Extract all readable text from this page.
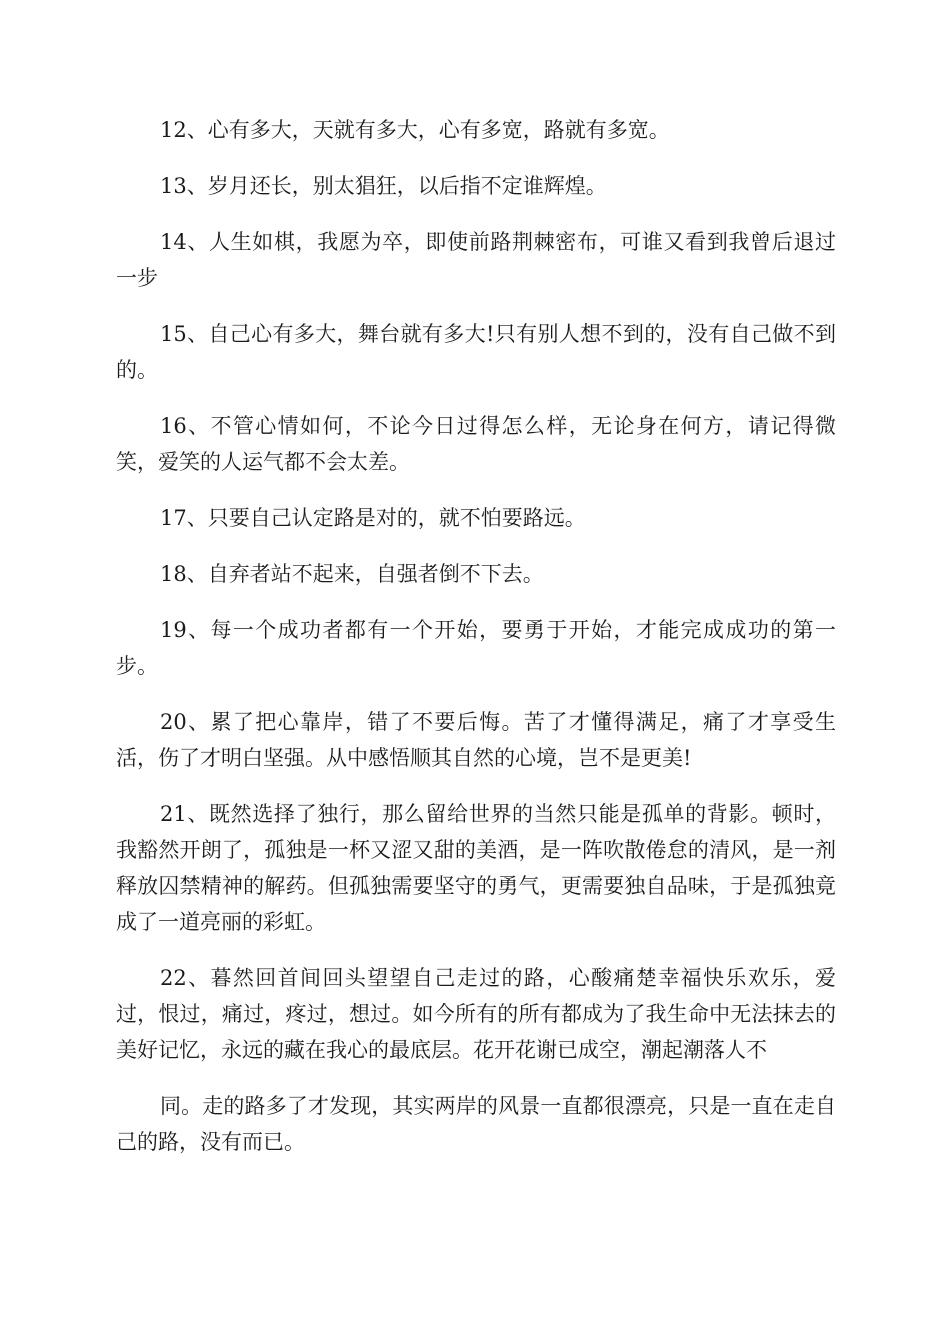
12、心有多大，天就有多大，心有多宽，路就有多宽。

13、岁月还长，别太猖狂，以后指不定谁辉煌。

14、人生如棋，我愿为卒，即使前路荆棘密布，可谁又看到我曾后退过一步

15、自己心有多大，舞台就有多大!只有别人想不到的，没有自己做不到的。

16、不管心情如何，不论今日过得怎么样，无论身在何方，请记得微笑，爱笑的人运气都不会太差。

17、只要自己认定路是对的，就不怕要路远。

18、自弃者站不起来，自强者倒不下去。

19、每一个成功者都有一个开始，要勇于开始，才能完成成功的第一步。

20、累了把心靠岸，错了不要后悔。苦了才懂得满足，痛了才享受生活，伤了才明白坚强。从中感悟顺其自然的心境，岂不是更美!

21、既然选择了独行，那么留给世界的当然只能是孤单的背影。顿时，我豁然开朗了，孤独是一杯又涩又甜的美酒，是一阵吹散倦怠的清风，是一剂释放囚禁精神的解药。但孤独需要坚守的勇气，更需要独自品味，于是孤独竟成了一道亮丽的彩虹。

22、暮然回首间回头望望自己走过的路，心酸痛楚幸福快乐欢乐，爱过，恨过，痛过，疼过，想过。如今所有的所有都成为了我生命中无法抹去的美好记忆，永远的藏在我心的最底层。花开花谢已成空，潮起潮落人不

同。走的路多了才发现，其实两岸的风景一直都很漂亮，只是一直在走自己的路，没有而已。
